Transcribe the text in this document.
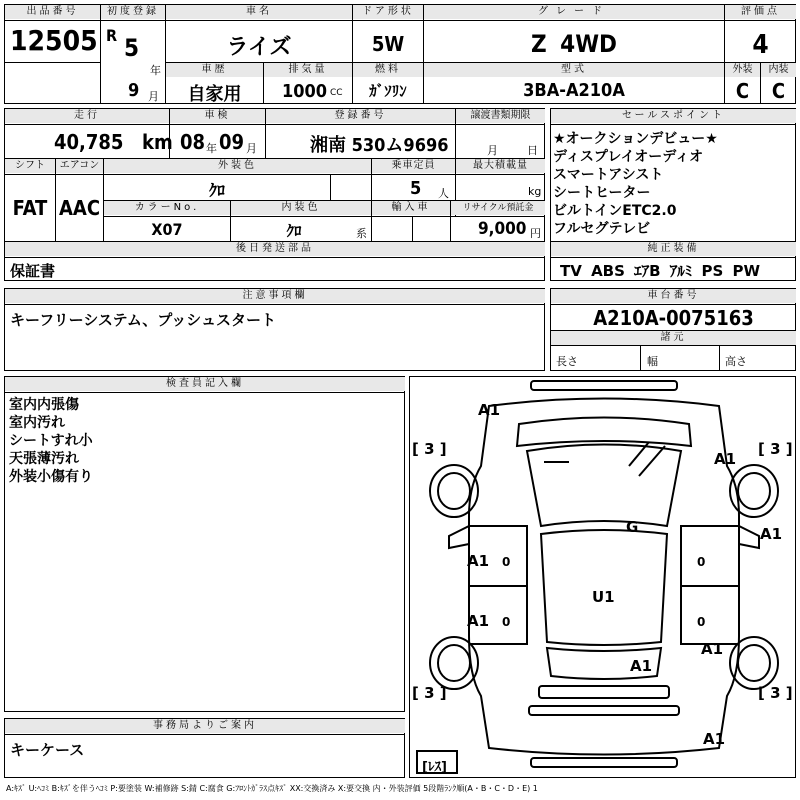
出品番号
12505
初度登録
R 5
年
9 月
車名
ライズ
ドア形状
5W
グレード
Z 4WD
評価点
4
車歴
自家用
排気量
1000 CC
燃料
ｶﾞｿﾘﾝ
型式
3BA-A210A
外装
C
内装
C
走行
40,785 km
車検
08 年 09 月
登録番号
湘南 530ム9696
譲渡書類期限
月	日
シフト
FAT
エアコン
AAC
外装色
ｸﾛ
乗車定員
5 人
最大積載量
kg
カラーNo.
X07
内装色
ｸﾛ	系
輸入車	リサイクル預託金
9,000 円
後日発送部品
保証書
セールスポイント
★オークションデビュー★
ディスプレイオーディオ
スマートアシスト
シートヒーター
ビルトインETC2.0
フルセグテレビ
純正装備
TV ABS ｴｱB ｱﾙﾐ PS PW
注意事項欄
キーフリーシステム、プッシュスタート
車台番号
A210A-0075163
諸元
長さ	幅	高さ
検査員記入欄
室内内張傷
室内汚れ
シートすれ小
天張薄汚れ
外装小傷有り
事務局よりご案内
キーケース
0
0
0
0
[ 3 ]	[ 3 ]
[ 3 ]	[ 3 ]
[ﾚｽ]
A1
A1
A1
A1
A1
A1
A1
A1
G
U1
A:ｷｽﾞ U:ﾍｺﾐ B:ｷｽﾞを伴うﾍｺﾐ P:要塗装 W:補修跡 S:錆 C:腐食 G:ﾌﾛﾝﾄｶﾞﾗｽ点ｷｽﾞ XX:交換済み X:要交換 内・外装評価 5段階ﾗﾝｸ順(A・B・C・D・E) 1
